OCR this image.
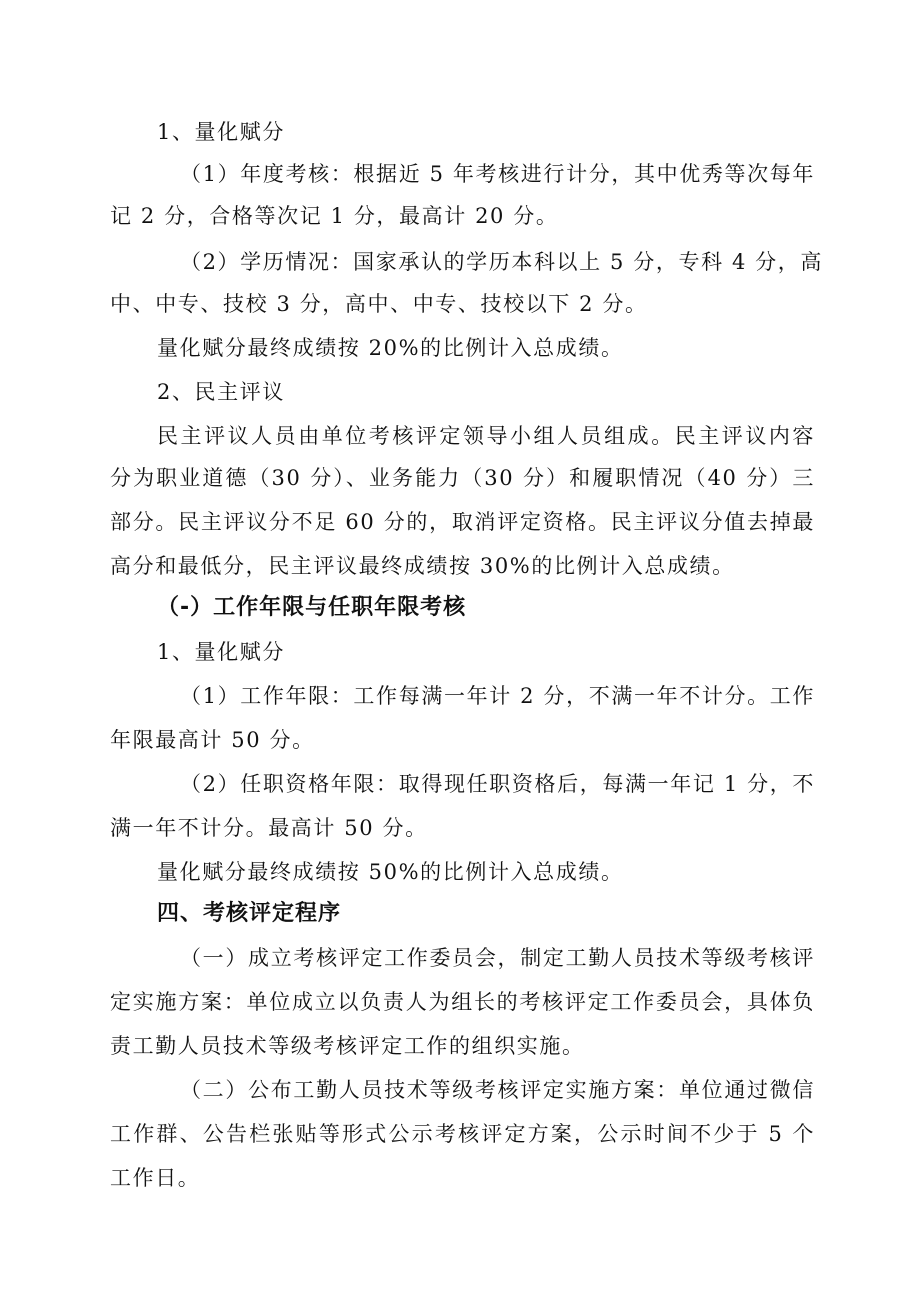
1、量化赋分
（1）年度考核：根据近 5 年考核进行计分，其中优秀等次每年
记 2 分，合格等次记 1 分，最高计 20 分。
（2）学历情况：国家承认的学历本科以上 5 分，专科 4 分，高
中、中专、技校 3 分，高中、中专、技校以下 2 分。
量化赋分最终成绩按 20%的比例计入总成绩。
2、民主评议
民主评议人员由单位考核评定领导小组人员组成。民主评议内容
分为职业道德（30 分）、业务能力（30 分）和履职情况（40 分）三
部分。民主评议分不足 60 分的，取消评定资格。民主评议分值去掉最
高分和最低分，民主评议最终成绩按 30%的比例计入总成绩。
（-）工作年限与任职年限考核
1、量化赋分
（1）工作年限：工作每满一年计 2 分，不满一年不计分。工作
年限最高计 50 分。
（2）任职资格年限：取得现任职资格后，每满一年记 1 分，不
满一年不计分。最高计 50 分。
量化赋分最终成绩按 50%的比例计入总成绩。
四、考核评定程序
（一）成立考核评定工作委员会，制定工勤人员技术等级考核评
定实施方案：单位成立以负责人为组长的考核评定工作委员会，具体负
责工勤人员技术等级考核评定工作的组织实施。
（二）公布工勤人员技术等级考核评定实施方案：单位通过微信
工作群、公告栏张贴等形式公示考核评定方案，公示时间不少于 5 个
工作日。
